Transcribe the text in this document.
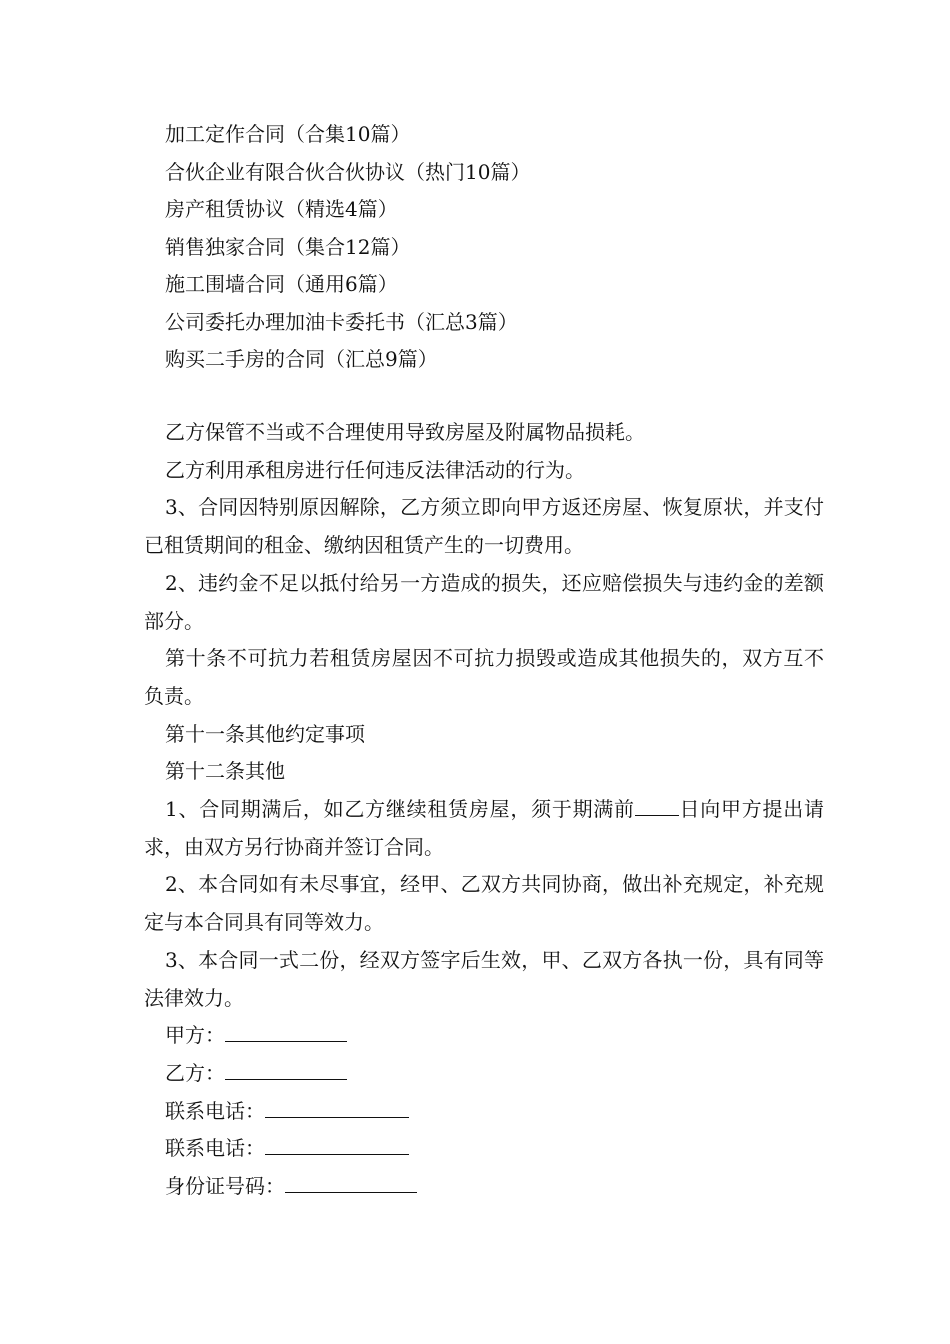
加工定作合同（合集10篇）
合伙企业有限合伙合伙协议（热门10篇）
房产租赁协议（精选4篇）
销售独家合同（集合12篇）
施工围墙合同（通用6篇）
公司委托办理加油卡委托书（汇总3篇）
购买二手房的合同（汇总9篇）

乙方保管不当或不合理使用导致房屋及附属物品损耗。

乙方利用承租房进行任何违反法律活动的行为。

3、合同因特别原因解除，乙方须立即向甲方返还房屋、恢复原状，并支付已租赁期间的租金、缴纳因租赁产生的一切费用。

2、违约金不足以抵付给另一方造成的损失，还应赔偿损失与违约金的差额部分。

第十条不可抗力若租赁房屋因不可抗力损毁或造成其他损失的，双方互不负责。

第十一条其他约定事项

第十二条其他

1、合同期满后，如乙方继续租赁房屋，须于期满前 日向甲方提出请求，由双方另行协商并签订合同。

2、本合同如有未尽事宜，经甲、乙双方共同协商，做出补充规定，补充规定与本合同具有同等效力。

3、本合同一式二份，经双方签字后生效，甲、乙双方各执一份，具有同等法律效力。

甲方：

乙方：

联系电话：

联系电话：

身份证号码：
